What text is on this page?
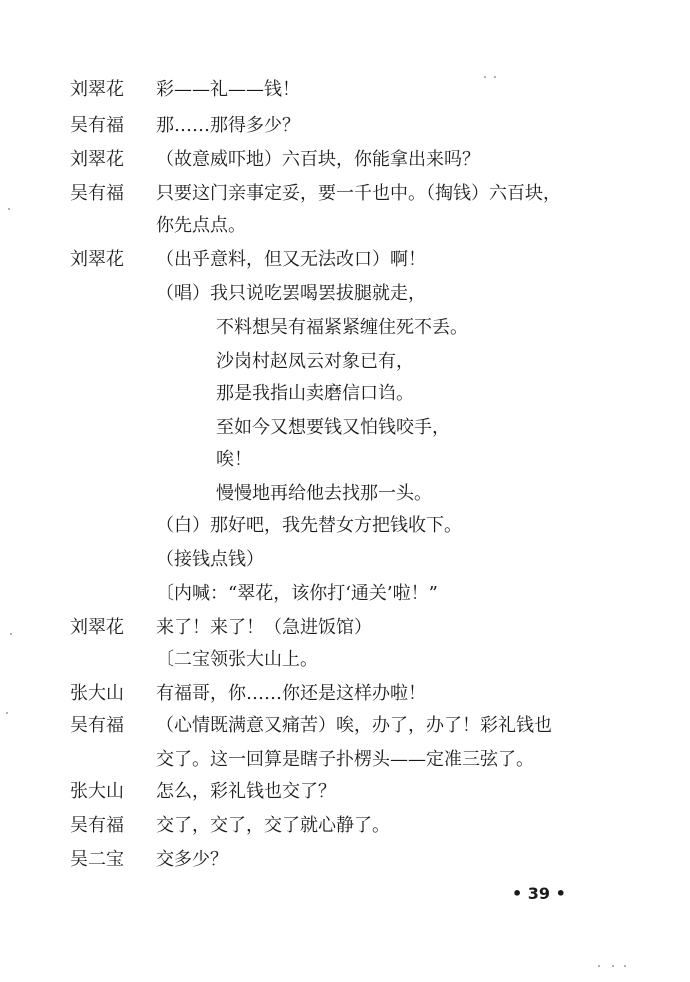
刘翠花	彩——礼——钱！
吴有福	那……那得多少？
刘翠花	（故意威吓地）六百块，你能拿出来吗？
吴有福	只要这门亲事定妥，要一千也中。（掏钱）六百块，
你先点点。
刘翠花	（出乎意料，但又无法改口）啊！
（唱）我只说吃罢喝罢拔腿就走，
不料想吴有福紧紧缠住死不丢。
沙岗村赵凤云对象已有，
那是我指山卖磨信口诌。
至如今又想要钱又怕钱咬手，
唉！
慢慢地再给他去找那一头。
（白）那好吧，我先替女方把钱收下。
（接钱点钱）
〔内喊：“翠花，该你打‘通关’啦！”
刘翠花	来了！来了！（急进饭馆）
〔二宝领张大山上。
张大山	有福哥，你……你还是这样办啦！
吴有福	（心情既满意又痛苦）唉，办了，办了！彩礼钱也
交了。这一回算是瞎子扑楞头——定准三弦了。
张大山	怎么，彩礼钱也交了？
吴有福	交了，交了，交了就心静了。
吴二宝	交多少？
• 39 •
